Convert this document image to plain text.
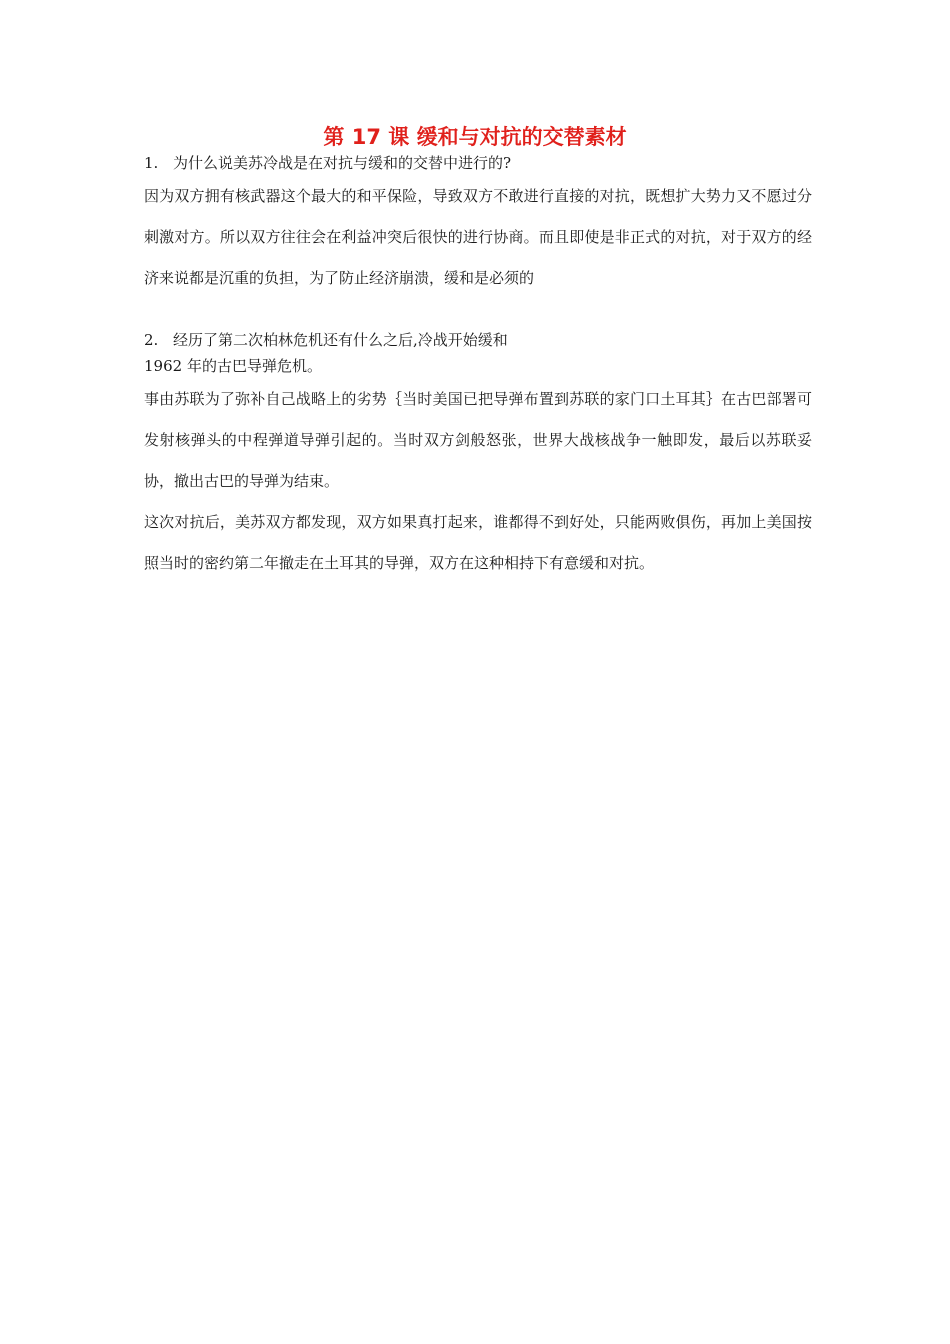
第 17 课 缓和与对抗的交替素材

1. 为什么说美苏冷战是在对抗与缓和的交替中进行的?

因为双方拥有核武器这个最大的和平保险，导致双方不敢进行直接的对抗，既想扩大势力又不愿过分刺激对方。所以双方往往会在利益冲突后很快的进行协商。而且即使是非正式的对抗，对于双方的经济来说都是沉重的负担，为了防止经济崩溃，缓和是必须的

2. 经历了第二次柏林危机还有什么之后,冷战开始缓和

1962 年的古巴导弹危机。

事由苏联为了弥补自己战略上的劣势｛当时美国已把导弹布置到苏联的家门口土耳其｝在古巴部署可发射核弹头的中程弹道导弹引起的。当时双方剑般怒张，世界大战核战争一触即发，最后以苏联妥协，撤出古巴的导弹为结束。

这次对抗后，美苏双方都发现，双方如果真打起来，谁都得不到好处，只能两败俱伤，再加上美国按照当时的密约第二年撤走在土耳其的导弹，双方在这种相持下有意缓和对抗。
